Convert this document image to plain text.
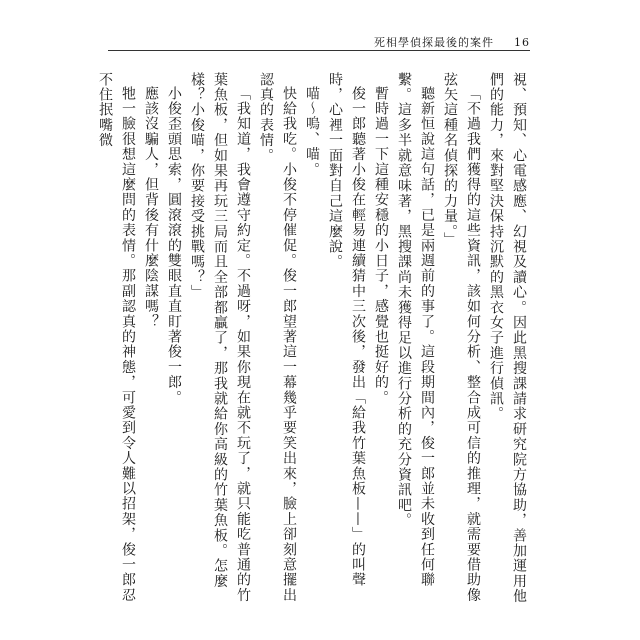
死相學偵探最後的案件 16

視、預知、心電感應、幻視及讀心。因此黑搜課請求研究院方協助，善加運用他們的能力，來對堅決保持沉默的黑衣女子進行偵訊。

「不過我們獲得的這些資訊，該如何分析、整合成可信的推理，就需要借助像弦矢這種名偵探的力量。」

聽新恒說這句話，已是兩週前的事了。這段期間內，俊一郎並未收到任何聯繫。這多半就意味著，黑搜課尚未獲得足以進行分析的充分資訊吧。

暫時過一下這種安穩的小日子，感覺也挺好的。

俊一郎聽著小俊在輕易連續猜中三次後，發出「給我竹葉魚板——」的叫聲時，心裡一面對自己這麼說。

喵～嗚、喵。

快給我吃。小俊不停催促。俊一郎望著這一幕幾乎要笑出來，臉上卻刻意擺出認真的表情。

「我知道，我會遵守約定。不過呀，如果你現在就不玩了，就只能吃普通的竹葉魚板，但如果再玩三局而且全部都贏了，那我就給你高級的竹葉魚板。怎麼樣？小俊喵，你要接受挑戰嗎？」

小俊歪頭思索，圓滾滾的雙眼直直盯著俊一郎。

應該沒騙人，但背後有什麼陰謀嗎？

牠一臉很想這麼問的表情。那副認真的神態，可愛到令人難以招架，俊一郎忍不住抿嘴微
